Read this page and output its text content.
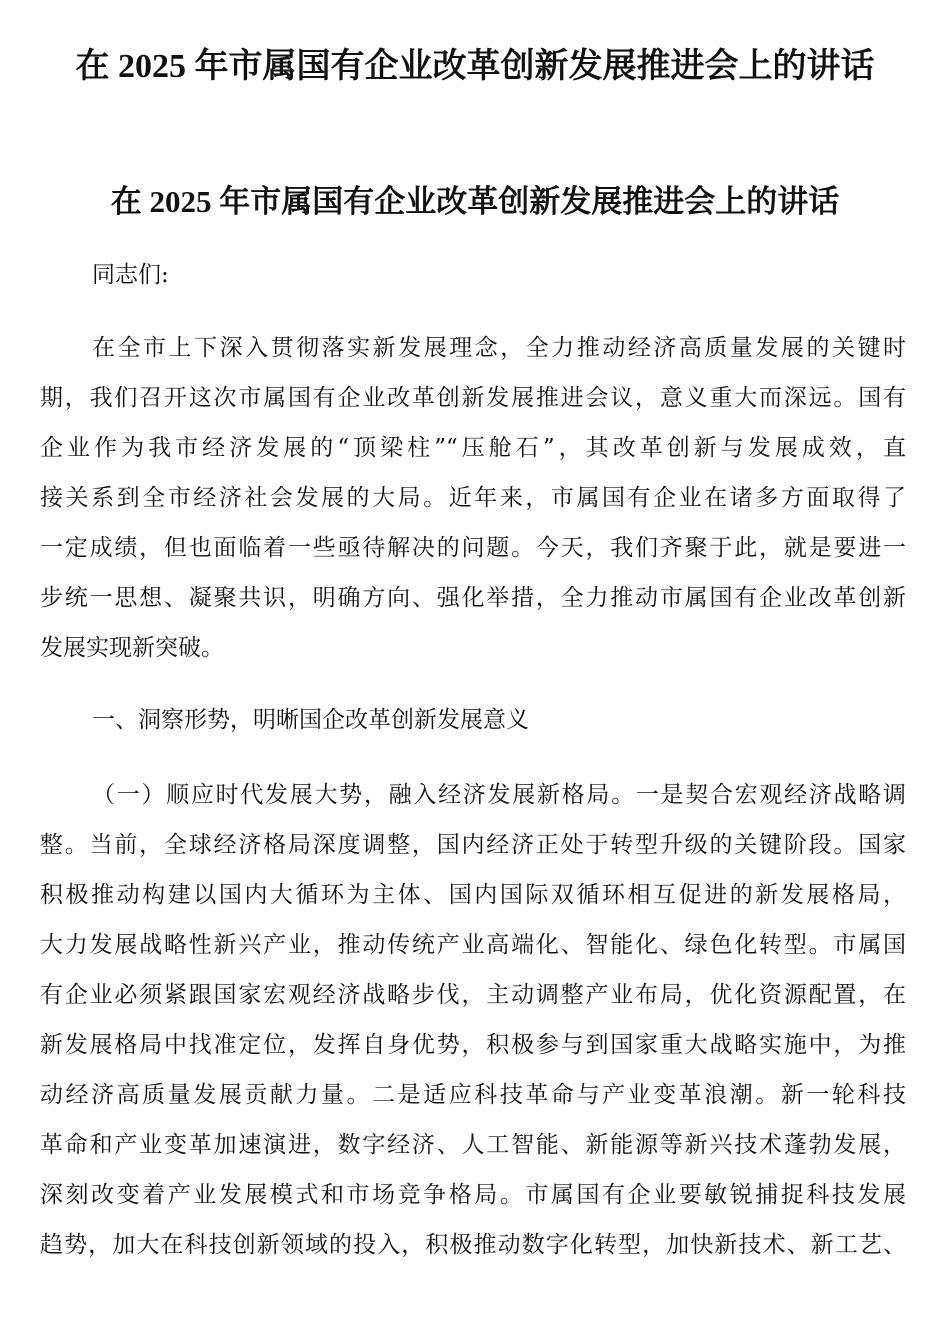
在 2025 年市属国有企业改革创新发展推进会上的讲话
在 2025 年市属国有企业改革创新发展推进会上的讲话
同志们:
在全市上下深入贯彻落实新发展理念，全力推动经济高质量发展的关键时
期，我们召开这次市属国有企业改革创新发展推进会议，意义重大而深远。国有
企业作为我市经济发展的“顶梁柱”“压舱石”，其改革创新与发展成效，直
接关系到全市经济社会发展的大局。近年来，市属国有企业在诸多方面取得了
一定成绩，但也面临着一些亟待解决的问题。今天，我们齐聚于此，就是要进一
步统一思想、凝聚共识，明确方向、强化举措，全力推动市属国有企业改革创新
发展实现新突破。
一、洞察形势，明晰国企改革创新发展意义
（一）顺应时代发展大势，融入经济发展新格局。一是契合宏观经济战略调
整。当前，全球经济格局深度调整，国内经济正处于转型升级的关键阶段。国家
积极推动构建以国内大循环为主体、国内国际双循环相互促进的新发展格局，
大力发展战略性新兴产业，推动传统产业高端化、智能化、绿色化转型。市属国
有企业必须紧跟国家宏观经济战略步伐，主动调整产业布局，优化资源配置，在
新发展格局中找准定位，发挥自身优势，积极参与到国家重大战略实施中，为推
动经济高质量发展贡献力量。二是适应科技革命与产业变革浪潮。新一轮科技
革命和产业变革加速演进，数字经济、人工智能、新能源等新兴技术蓬勃发展，
深刻改变着产业发展模式和市场竞争格局。市属国有企业要敏锐捕捉科技发展
趋势，加大在科技创新领域的投入，积极推动数字化转型，加快新技术、新工艺、
